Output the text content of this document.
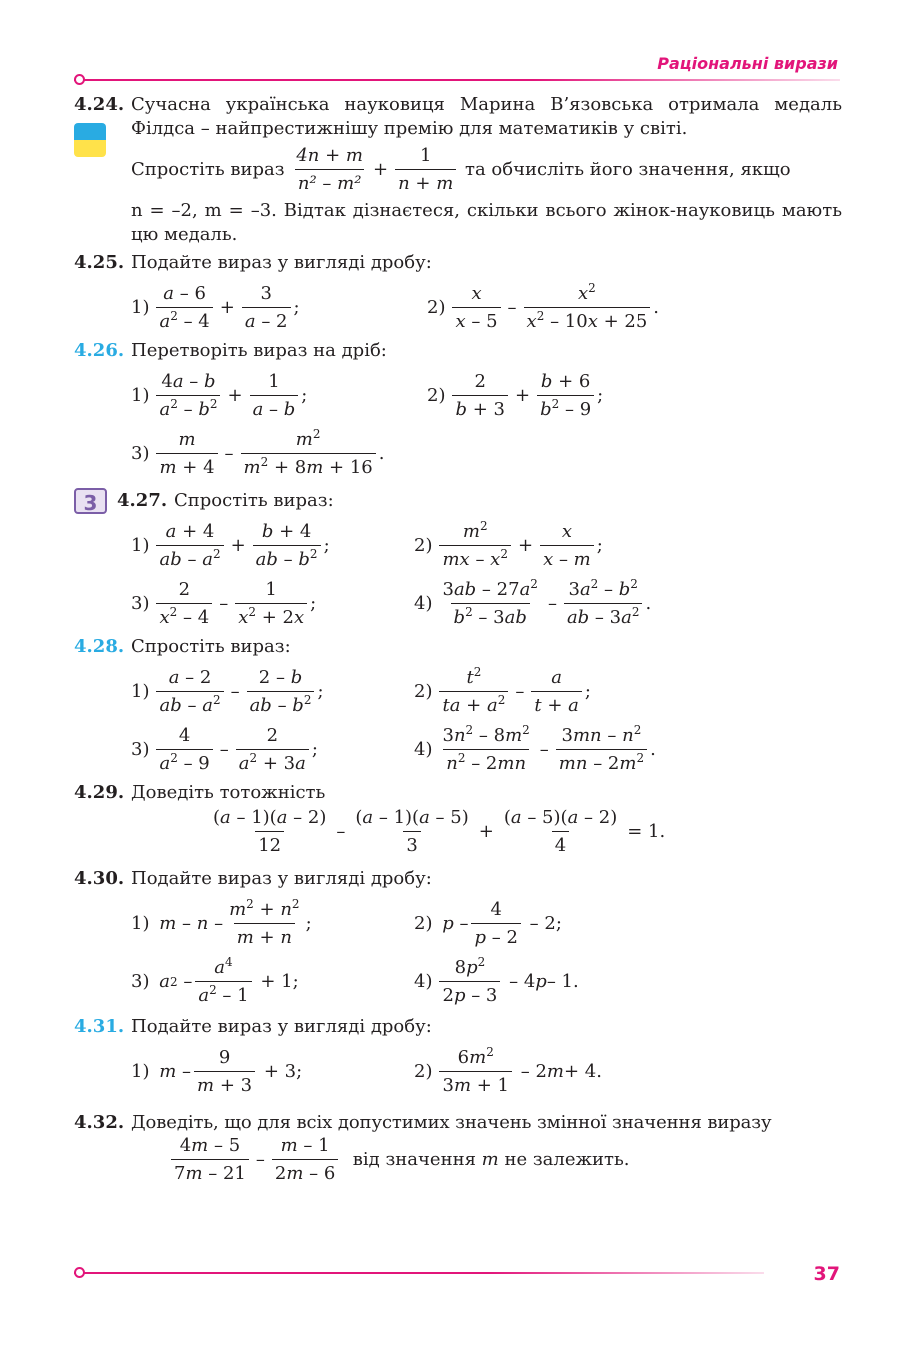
Раціональні вирази
4.24. Сучасна українська науковиця Марина В’язовська отримала медаль Філдса – найпрестижнішу премію для математиків у світі.
Спростіть вираз
$\frac{4n + m}{\text{n² – m²}} + \frac{1}{n + m}$
та обчисліть його значення, якщо
n = –2, m = –3. Відтак дізнаєтеся, скільки всього жінок-науковиць мають цю медаль.
4.25. Подайте вираз у вигляді дробу:
$1) \frac{a - 6}{a^2 - 4} + \frac{3}{a - 2}$ ;	$2) \frac{x}{x - 5} - \frac{x^2}{x^2 - 10x + 25}$ .
4.26. Перетворіть вираз на дріб:
$1) \frac{4a - b}{a^2 - b^2} + \frac{1}{a - b}$ ;	$2) \frac{2}{b + 3} + \frac{b + 6}{b^2 - 9}$ ;
$3) \frac{m}{m + 4} - \frac{m^2}{m^2 + 8m + 16}$ .
3	4.27. Спростіть вираз:
$1) \frac{a + 4}{ab - a^2} + \frac{b + 4}{ab - b^2}$ ;	$2) \frac{m^2}{mx - x^2} + \frac{x}{x - m}$ ;
$3) \frac{2}{x^2 - 4} - \frac{1}{x^2 + 2x}$ ;	$4) \frac{3ab - 27a^2}{b^2 - 3ab} - \frac{3a^2 - b^2}{ab - 3a^2}$ .
4.28. Спростіть вираз:
$1) \frac{a - 2}{ab - a^2} - \frac{2 - b}{ab - b^2}$ ;	$2) \frac{t^2}{ta + a^2} - \frac{a}{t + a}$ ;
$3) \frac{4}{a^2 - 9} - \frac{2}{a^2 + 3a}$ ;	$4) \frac{3n^2 - 8m^2}{n^2 - 2mn} - \frac{3mn - n^2}{mn - 2m^2}$ .
4.29. Доведіть тотожність
$\frac{(a - 1)(a - 2)}{12} - \frac{(a - 1)(a - 5)}{3} + \frac{(a - 5)(a - 2)}{4} = 1$.
4.30. Подайте вираз у вигляді дробу:
1)
m – n – $\frac{m^2 + n^2}{m + n}$ ;	2)
p – $\frac{4}{p - 2} - 2$;
3)
a $2 - \frac{a^4}{a^2 - 1} + 1$;	$4) \frac{8p^2}{2p - 3} - 4$ p – 1.
4.31. Подайте вираз у вигляді дробу:
1)
$m - \frac{9}{m + 3} + 3$;	$2) \frac{6m^2}{3m + 1} - 2$ m + 4.
4.32. Доведіть, що для всіх допустимих значень змінної значення виразу
$\frac{4m - 5}{7m - 21} - \frac{m - 1}{2m - 6}$
від значення
m
не залежить.
37
